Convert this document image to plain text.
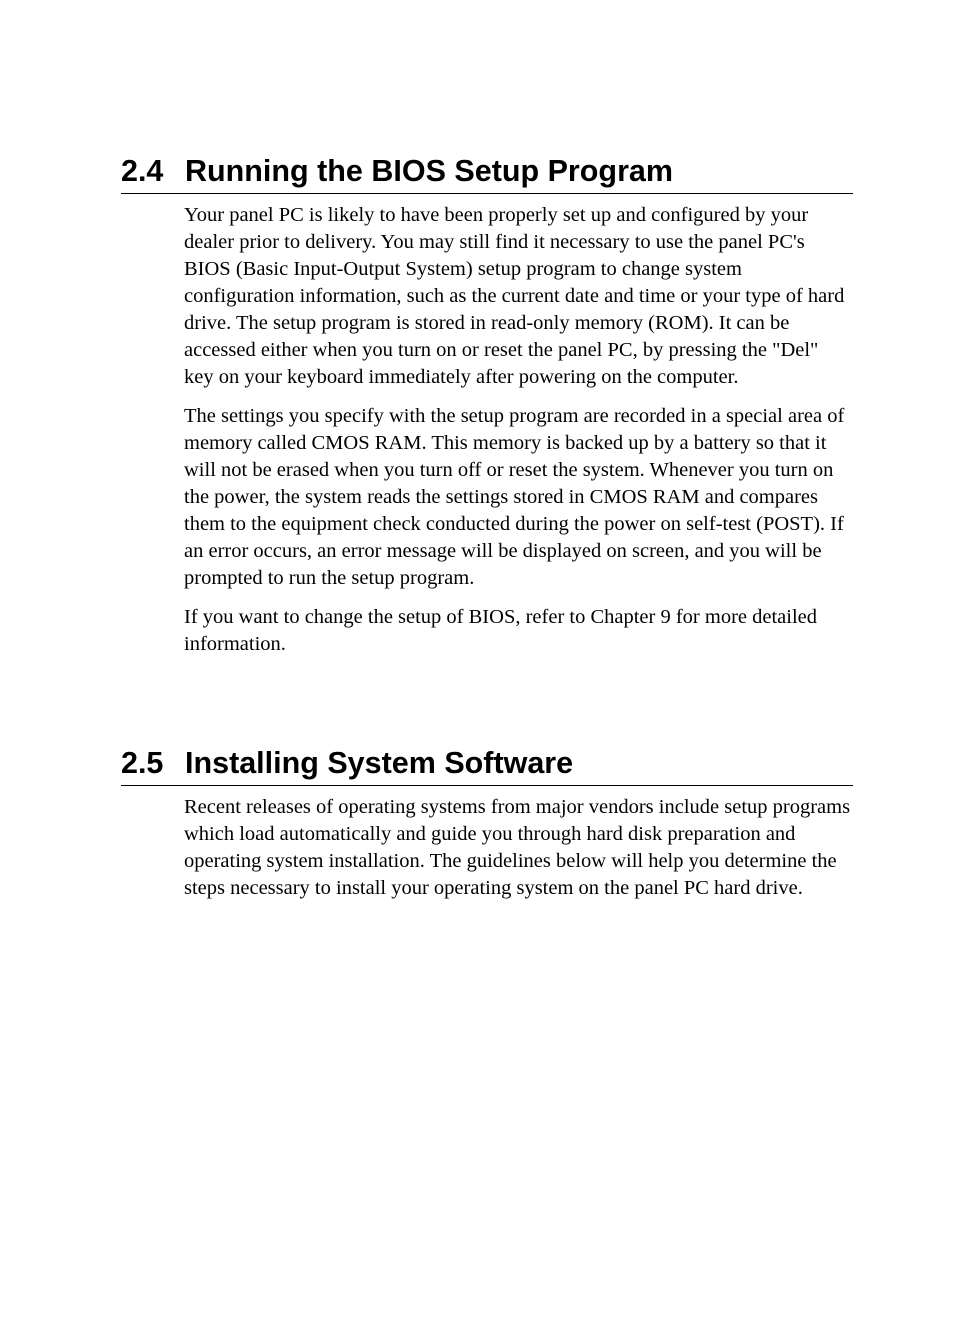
2.4 Running the BIOS Setup Program

Your panel PC is likely to have been properly set up and configured by your dealer prior to delivery. You may still find it necessary to use the panel PC's BIOS (Basic Input-Output System) setup program to change system configuration information, such as the current date and time or your type of hard drive. The setup program is stored in read-only memory (ROM). It can be accessed either when you turn on or reset the panel PC, by pressing the "Del" key on your keyboard immediately after powering on the computer.

The settings you specify with the setup program are recorded in a special area of memory called CMOS RAM. This memory is backed up by a battery so that it will not be erased when you turn off or reset the system. Whenever you turn on the power, the system reads the settings stored in CMOS RAM and compares them to the equipment check conducted during the power on self-test (POST). If an error occurs, an error message will be displayed on screen, and you will be prompted to run the setup program.

If you want to change the setup of BIOS, refer to Chapter 9 for more detailed information.

2.5 Installing System Software

Recent releases of operating systems from major vendors include setup programs which load automatically and guide you through hard disk preparation and operating system installation. The guidelines below will help you determine the steps necessary to install your operating system on the panel PC hard drive.
